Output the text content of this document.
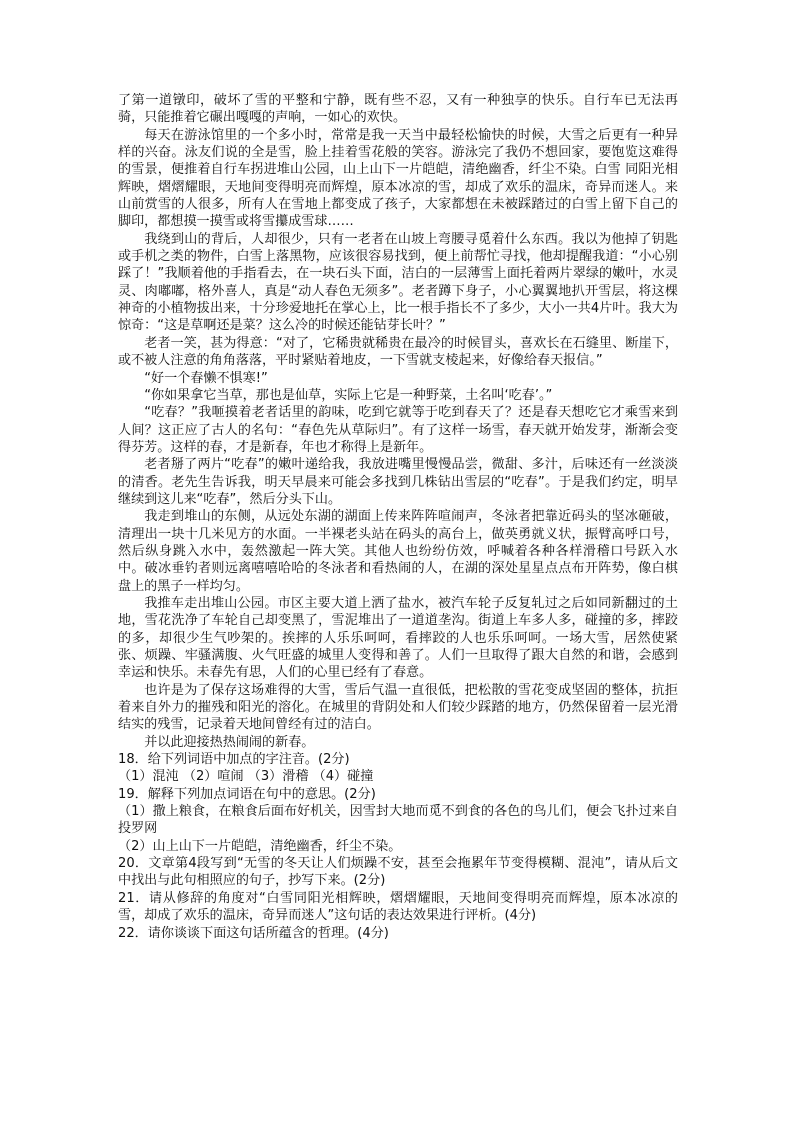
了第一道镦印，破坏了雪的平整和宁静，既有些不忍，又有一种独享的快乐。自行车已无法再骑，只能推着它碾出嘎嘎的声响，一如心的欢快。

每天在游泳馆里的一个多小时，常常是我一天当中最轻松愉快的时候，大雪之后更有一种异样的兴奋。泳友们说的全是雪，脸上挂着雪花般的笑容。游泳完了我仍不想回家，要饱览这难得的雪景，便推着自行车拐进堆山公园，山上山下一片皑皑，清绝幽香，纤尘不染。白雪 同阳光相辉映，熠熠耀眼，天地间变得明亮而辉煌，原本冰凉的雪，却成了欢乐的温床，奇异而迷人。来山前赏雪的人很多，所有人在雪地上都变成了孩子，大家都想在未被踩踏过的白雪上留下自己的脚印，都想摸一摸雪或将雪攥成雪球……

我绕到山的背后，人却很少，只有一老者在山坡上弯腰寻觅着什么东西。我以为他掉了钥匙或手机之类的物件，白雪上落黑物，应该很容易找到，便上前帮忙寻找，他却提醒我道：“小心别踩了！”我顺着他的手指看去，在一块石头下面，洁白的一层薄雪上面托着两片翠绿的嫩叶，水灵灵、肉嘟嘟，格外喜人，真是“动人春色无须多”。老者蹲下身子，小心翼翼地扒开雪层，将这棵神奇的小植物拔出来，十分珍爱地托在掌心上，比一根手指长不了多少，大小一共4片叶。我大为惊奇：“这是草啊还是菜？这么冷的时候还能钻芽长叶？”

老者一笑，甚为得意：“对了，它稀贵就稀贵在最冷的时候冒头，喜欢长在石缝里、断崖下，或不被人注意的角角落落，平时紧贴着地皮，一下雪就支棱起来，好像给春天报信。”

“好一个春懒不惧寒!”

“你如果拿它当草，那也是仙草，实际上它是一种野菜，土名叫‘吃春’。”

“吃春？”我咂摸着老者话里的韵味，吃到它就等于吃到春天了？还是春天想吃它才乘雪来到人间？这正应了古人的名句：“春色先从草际归”。有了这样一场雪，春天就开始发芽，渐渐会变得芬芳。这样的春，才是新春，年也才称得上是新年。

老者掰了两片“吃春”的嫩叶递给我，我放进嘴里慢慢品尝，微甜、多汁，后味还有一丝淡淡的清香。老先生告诉我，明天早晨来可能会多找到几株钻出雪层的“吃春”。于是我们约定，明早继续到这儿来“吃春”，然后分头下山。

我走到堆山的东侧，从远处东湖的湖面上传来阵阵喧闹声，冬泳者把靠近码头的坚冰砸破，清理出一块十几米见方的水面。一半裸老头站在码头的高台上，做英勇就义状，振臂高呼口号，然后纵身跳入水中，轰然激起一阵大笑。其他人也纷纷仿效，呼喊着各种各样滑稽口号跃入水中。破冰垂钓者则远离嘻嘻哈哈的冬泳者和看热闹的人，在湖的深处星星点点布开阵势，像白棋盘上的黑子一样均匀。

我推车走出堆山公园。市区主要大道上洒了盐水，被汽车轮子反复轧过之后如同新翻过的土地，雪花洗净了车轮自己却变黑了，雪泥堆出了一道道垄沟。街道上车多人多，碰撞的多，摔跤的多，却很少生气吵架的。挨摔的人乐乐呵呵，看摔跤的人也乐乐呵呵。一场大雪，居然使紧张、烦躁、牢骚满腹、火气旺盛的城里人变得和善了。人们一旦取得了跟大自然的和谐，会感到幸运和快乐。未春先有思，人们的心里已经有了春意。

也许是为了保存这场难得的大雪，雪后气温一直很低，把松散的雪花变成坚固的整体，抗拒着来自外力的摧残和阳光的溶化。在城里的背阴处和人们较少踩踏的地方，仍然保留着一层光滑结实的残雪，记录着天地间曾经有过的洁白。

并以此迎接热热闹闹的新春。

18．给下列词语中加点的字注音。(2分)

（1）混沌 （2）喧闹 （3）滑稽 （4）碰撞

19．解释下列加点词语在句中的意思。(2分)

（1）撒上粮食，在粮食后面布好机关，因雪封大地而觅不到食的各色的鸟儿们，便会飞扑过来自投罗网

（2）山上山下一片皑皑，清绝幽香，纤尘不染。

20．文章第4段写到“无雪的冬天让人们烦躁不安，甚至会拖累年节变得模糊、混沌”，请从后文中找出与此句相照应的句子，抄写下来。(2分)

21．请从修辞的角度对“白雪同阳光相辉映，熠熠耀眼，天地间变得明亮而辉煌，原本冰凉的雪，却成了欢乐的温床，奇异而迷人”这句话的表达效果进行评析。(4分)

22．请你谈谈下面这句话所蕴含的哲理。(4分)
